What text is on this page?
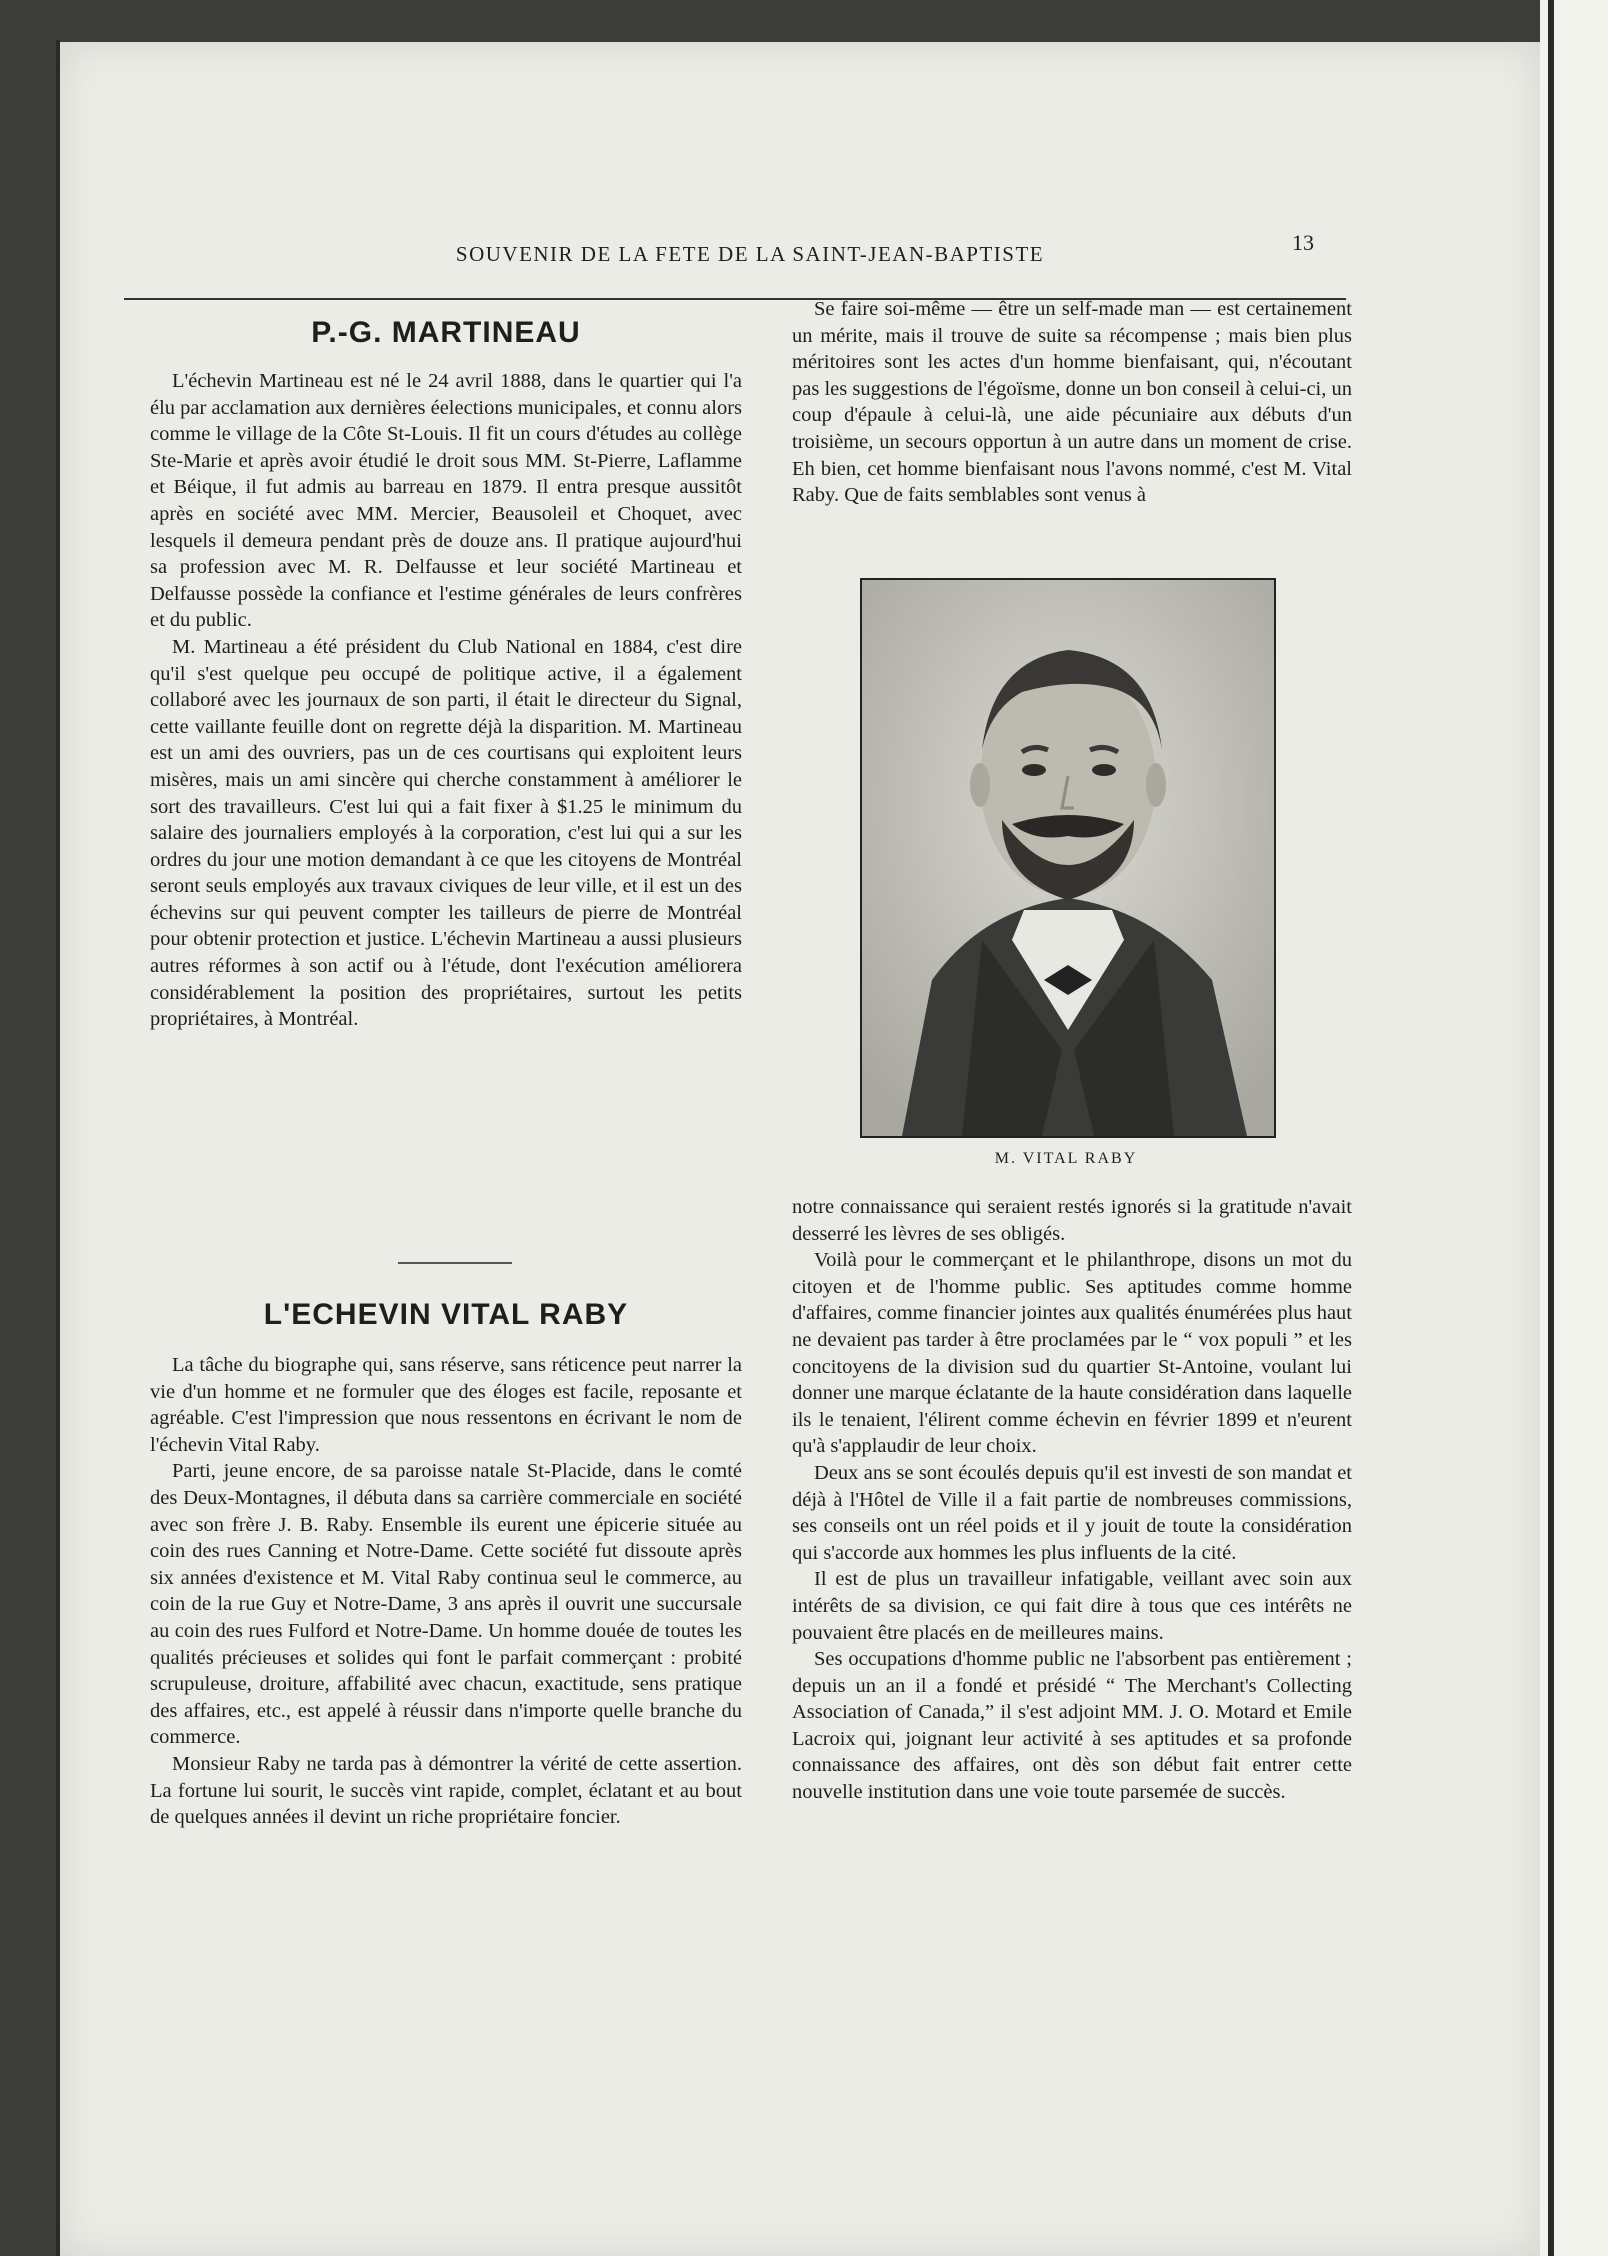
SOUVENIR DE LA FETE DE LA SAINT-JEAN-BAPTISTE	13
P.-G. MARTINEAU

L'échevin Martineau est né le 24 avril 1888, dans le quartier qui l'a élu par acclamation aux dernières éelections municipales, et connu alors comme le village de la Côte St-Louis. Il fit un cours d'études au collège Ste-Marie et après avoir étudié le droit sous MM. St-Pierre, Laflamme et Béique, il fut admis au barreau en 1879. Il entra presque aussitôt après en société avec MM. Mercier, Beausoleil et Choquet, avec lesquels il demeura pendant près de douze ans. Il pratique aujourd'hui sa profession avec M. R. Delfausse et leur société Martineau et Delfausse possède la confiance et l'estime générales de leurs confrères et du public.

M. Martineau a été président du Club National en 1884, c'est dire qu'il s'est quelque peu occupé de politique active, il a également collaboré avec les journaux de son parti, il était le directeur du Signal, cette vaillante feuille dont on regrette déjà la disparition. M. Martineau est un ami des ouvriers, pas un de ces courtisans qui exploitent leurs misères, mais un ami sincère qui cherche constamment à améliorer le sort des travailleurs. C'est lui qui a fait fixer à $1.25 le minimum du salaire des journaliers employés à la corporation, c'est lui qui a sur les ordres du jour une motion demandant à ce que les citoyens de Montréal seront seuls employés aux travaux civiques de leur ville, et il est un des échevins sur qui peuvent compter les tailleurs de pierre de Montréal pour obtenir protection et justice. L'échevin Martineau a aussi plusieurs autres réformes à son actif ou à l'étude, dont l'exécution améliorera considérablement la position des propriétaires, surtout les petits propriétaires, à Montréal.

L'ECHEVIN VITAL RABY

La tâche du biographe qui, sans réserve, sans réticence peut narrer la vie d'un homme et ne formuler que des éloges est facile, reposante et agréable. C'est l'impression que nous ressentons en écrivant le nom de l'échevin Vital Raby.

Parti, jeune encore, de sa paroisse natale St-Placide, dans le comté des Deux-Montagnes, il débuta dans sa carrière commerciale en société avec son frère J. B. Raby. Ensemble ils eurent une épicerie située au coin des rues Canning et Notre-Dame. Cette société fut dissoute après six années d'existence et M. Vital Raby continua seul le commerce, au coin de la rue Guy et Notre-Dame, 3 ans après il ouvrit une succursale au coin des rues Fulford et Notre-Dame. Un homme douée de toutes les qualités précieuses et solides qui font le parfait commerçant : probité scrupuleuse, droiture, affabilité avec chacun, exactitude, sens pratique des affaires, etc., est appelé à réussir dans n'importe quelle branche du commerce.

Monsieur Raby ne tarda pas à démontrer la vérité de cette assertion. La fortune lui sourit, le succès vint rapide, complet, éclatant et au bout de quelques années il devint un riche propriétaire foncier.

Se faire soi-même — être un self-made man — est certainement un mérite, mais il trouve de suite sa récompense ; mais bien plus méritoires sont les actes d'un homme bienfaisant, qui, n'écoutant pas les suggestions de l'égoïsme, donne un bon conseil à celui-ci, un coup d'épaule à celui-là, une aide pécuniaire aux débuts d'un troisième, un secours opportun à un autre dans un moment de crise. Eh bien, cet homme bienfaisant nous l'avons nommé, c'est M. Vital Raby. Que de faits semblables sont venus à

M. VITAL RABY

notre connaissance qui seraient restés ignorés si la gratitude n'avait desserré les lèvres de ses obligés.

Voilà pour le commerçant et le philanthrope, disons un mot du citoyen et de l'homme public. Ses aptitudes comme homme d'affaires, comme financier jointes aux qualités énumérées plus haut ne devaient pas tarder à être proclamées par le “ vox populi ” et les concitoyens de la division sud du quartier St-Antoine, voulant lui donner une marque éclatante de la haute considération dans laquelle ils le tenaient, l'élirent comme échevin en février 1899 et n'eurent qu'à s'applaudir de leur choix.

Deux ans se sont écoulés depuis qu'il est investi de son mandat et déjà à l'Hôtel de Ville il a fait partie de nombreuses commissions, ses conseils ont un réel poids et il y jouit de toute la considération qui s'accorde aux hommes les plus influents de la cité.

Il est de plus un travailleur infatigable, veillant avec soin aux intérêts de sa division, ce qui fait dire à tous que ces intérêts ne pouvaient être placés en de meilleures mains.

Ses occupations d'homme public ne l'absorbent pas entièrement ; depuis un an il a fondé et présidé “ The Merchant's Collecting Association of Canada,” il s'est adjoint MM. J. O. Motard et Emile Lacroix qui, joignant leur activité à ses aptitudes et sa profonde connaissance des affaires, ont dès son début fait entrer cette nouvelle institution dans une voie toute parsemée de succès.
